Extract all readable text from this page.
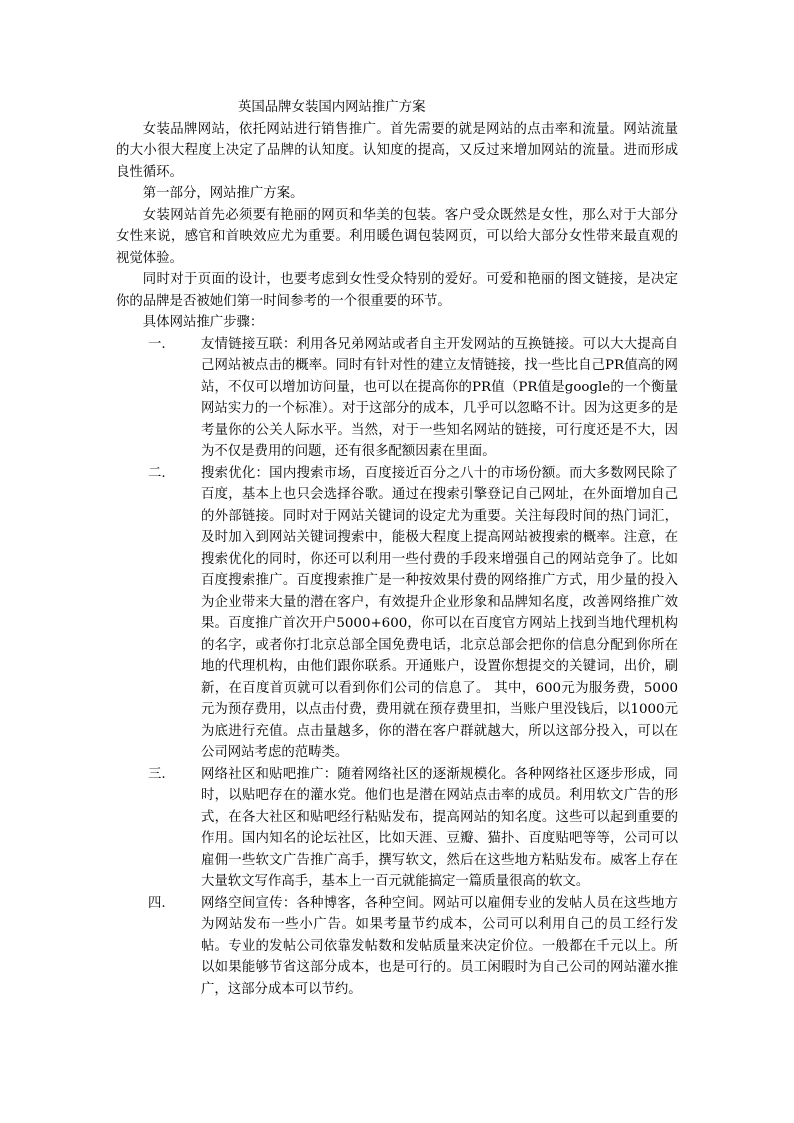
英国品牌女装国内网站推广方案

女装品牌网站，依托网站进行销售推广。首先需要的就是网站的点击率和流量。网站流量的大小很大程度上决定了品牌的认知度。认知度的提高，又反过来增加网站的流量。进而形成良性循环。

第一部分，网站推广方案。

女装网站首先必须要有艳丽的网页和华美的包装。客户受众既然是女性，那么对于大部分女性来说，感官和首映效应尤为重要。利用暖色调包装网页，可以给大部分女性带来最直观的视觉体验。

同时对于页面的设计，也要考虑到女性受众特别的爱好。可爱和艳丽的图文链接，是决定你的品牌是否被她们第一时间参考的一个很重要的环节。

具体网站推广步骤：

一.	友情链接互联：利用各兄弟网站或者自主开发网站的互换链接。可以大大提高自己网站被点击的概率。同时有针对性的建立友情链接，找一些比自己PR值高的网站，不仅可以增加访问量，也可以在提高你的PR值（PR值是google的一个衡量网站实力的一个标准）。对于这部分的成本，几乎可以忽略不计。因为这更多的是考量你的公关人际水平。当然，对于一些知名网站的链接，可行度还是不大，因为不仅是费用的问题，还有很多配额因素在里面。
二.	搜索优化：国内搜索市场，百度接近百分之八十的市场份额。而大多数网民除了百度，基本上也只会选择谷歌。通过在搜索引擎登记自己网址，在外面增加自己的外部链接。同时对于网站关键词的设定尤为重要。关注每段时间的热门词汇，及时加入到网站关键词搜索中，能极大程度上提高网站被搜索的概率。注意，在搜索优化的同时，你还可以利用一些付费的手段来增强自己的网站竞争了。比如百度搜索推广。百度搜索推广是一种按效果付费的网络推广方式，用少量的投入为企业带来大量的潜在客户，有效提升企业形象和品牌知名度，改善网络推广效果。百度推广首次开户5000+600，你可以在百度官方网站上找到当地代理机构的名字，或者你打北京总部全国免费电话，北京总部会把你的信息分配到你所在地的代理机构，由他们跟你联系。开通账户，设置你想提交的关键词，出价，刷新，在百度首页就可以看到你们公司的信息了。 其中，600元为服务费，5000元为预存费用，以点击付费，费用就在预存费里扣，当账户里没钱后，以1000元为底进行充值。点击量越多，你的潜在客户群就越大，所以这部分投入，可以在公司网站考虑的范畴类。
三.	网络社区和贴吧推广：随着网络社区的逐渐规模化。各种网络社区逐步形成，同时，以贴吧存在的灌水党。他们也是潜在网站点击率的成员。利用软文广告的形式，在各大社区和贴吧经行粘贴发布，提高网站的知名度。这些可以起到重要的作用。国内知名的论坛社区，比如天涯、豆瓣、猫扑、百度贴吧等等，公司可以雇佣一些软文广告推广高手，撰写软文，然后在这些地方粘贴发布。威客上存在大量软文写作高手，基本上一百元就能搞定一篇质量很高的软文。
四.	网络空间宣传：各种博客，各种空间。网站可以雇佣专业的发帖人员在这些地方为网站发布一些小广告。如果考量节约成本，公司可以利用自己的员工经行发帖。专业的发帖公司依靠发帖数和发帖质量来决定价位。一般都在千元以上。所以如果能够节省这部分成本，也是可行的。员工闲暇时为自己公司的网站灌水推广，这部分成本可以节约。
